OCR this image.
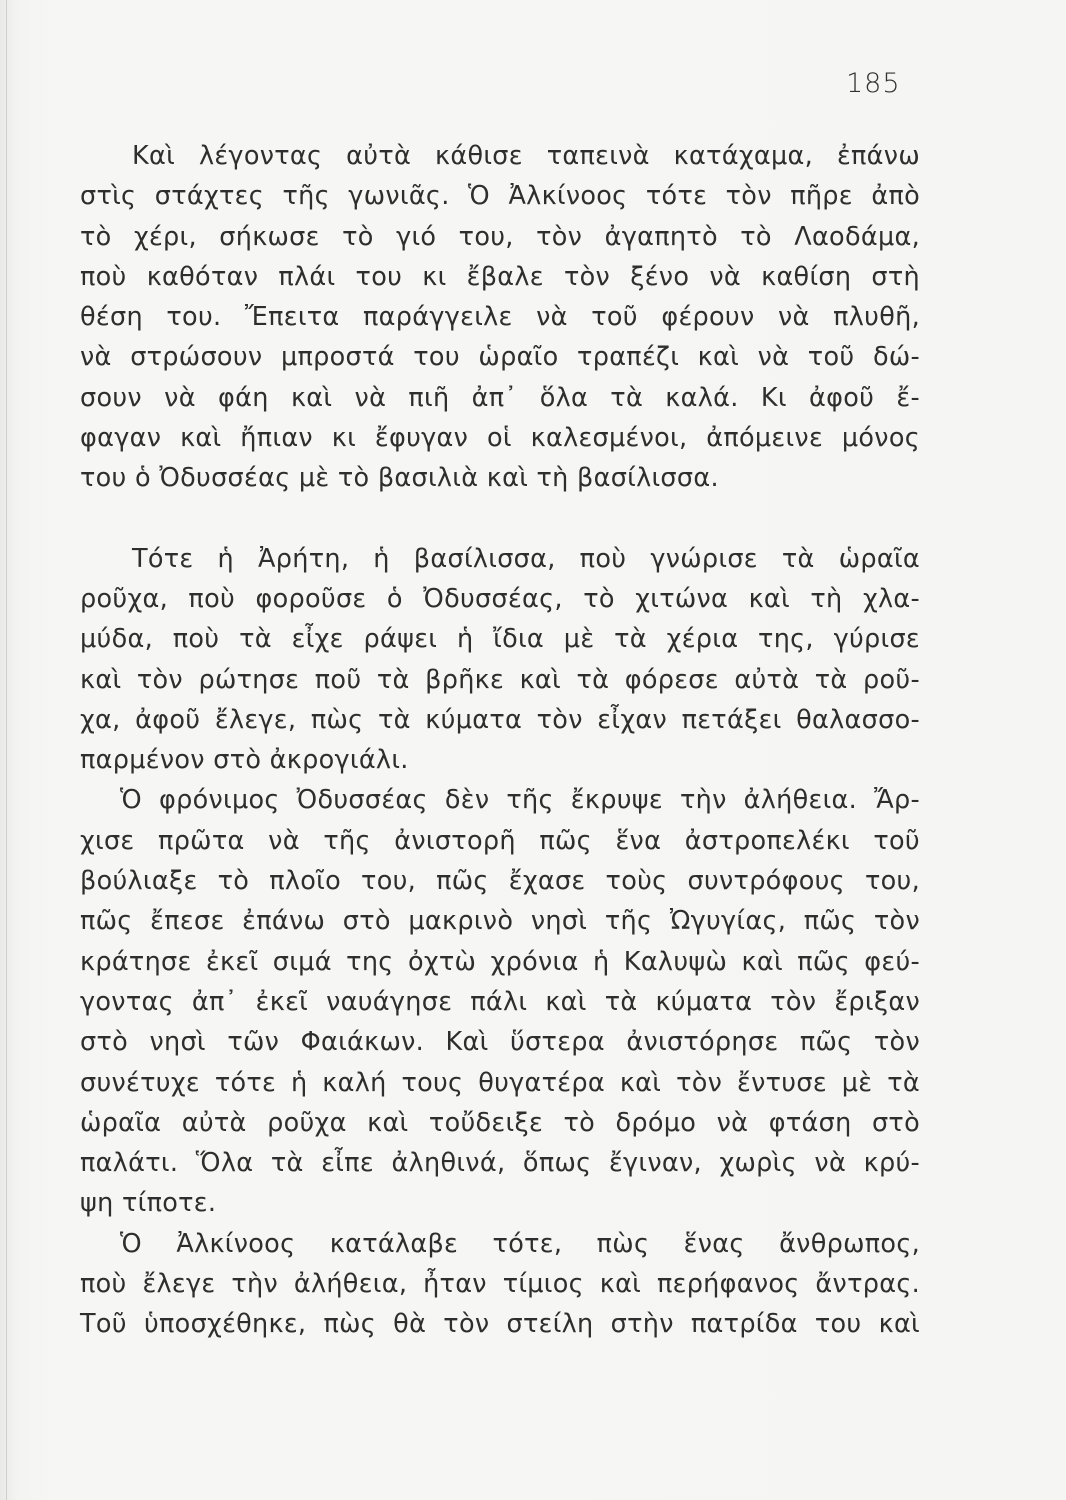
185
Καὶ λέγοντας αὐτὰ κάθισε ταπεινὰ κατάχαμα, ἐπάνω
στὶς στάχτες τῆς γωνιᾶς. Ὁ Ἀλκίνοος τότε τὸν πῆρε ἀπὸ
τὸ χέρι, σήκωσε τὸ γιό του, τὸν ἀγαπητὸ τὸ Λαοδάμα,
ποὺ καθόταν πλάι του κι ἔβαλε τὸν ξένο νὰ καθίση στὴ
θέση του. Ἔπειτα παράγγειλε νὰ τοῦ φέρουν νὰ πλυθῆ,
νὰ στρώσουν μπροστά του ὡραῖο τραπέζι καὶ νὰ τοῦ δώ-
σουν νὰ φάη καὶ νὰ πιῆ ἀπ᾿ ὅλα τὰ καλά. Κι ἀφοῦ ἔ-
φαγαν καὶ ἤπιαν κι ἔφυγαν οἱ καλεσμένοι, ἀπόμεινε μόνος
του ὁ Ὀδυσσέας μὲ τὸ βασιλιὰ καὶ τὴ βασίλισσα.
Τότε ἡ Ἀρήτη, ἡ βασίλισσα, ποὺ γνώρισε τὰ ὡραῖα
ροῦχα, ποὺ φοροῦσε ὁ Ὀδυσσέας, τὸ χιτώνα καὶ τὴ χλα-
μύδα, ποὺ τὰ εἶχε ράψει ἡ ἴδια μὲ τὰ χέρια της, γύρισε
καὶ τὸν ρώτησε ποῦ τὰ βρῆκε καὶ τὰ φόρεσε αὐτὰ τὰ ροῦ-
χα, ἀφοῦ ἔλεγε, πὼς τὰ κύματα τὸν εἶχαν πετάξει θαλασσο-
παρμένον στὸ ἀκρογιάλι.
Ὁ φρόνιμος Ὀδυσσέας δὲν τῆς ἔκρυψε τὴν ἀλήθεια. Ἄρ-
χισε πρῶτα νὰ τῆς ἀνιστορῆ πῶς ἕνα ἀστροπελέκι τοῦ
βούλιαξε τὸ πλοῖο του, πῶς ἔχασε τοὺς συντρόφους του,
πῶς ἔπεσε ἐπάνω στὸ μακρινὸ νησὶ τῆς Ὠγυγίας, πῶς τὸν
κράτησε ἐκεῖ σιμά της ὀχτὼ χρόνια ἡ Καλυψὼ καὶ πῶς φεύ-
γοντας ἀπ᾿ ἐκεῖ ναυάγησε πάλι καὶ τὰ κύματα τὸν ἔριξαν
στὸ νησὶ τῶν Φαιάκων. Καὶ ὕστερα ἀνιστόρησε πῶς τὸν
συνέτυχε τότε ἡ καλή τους θυγατέρα καὶ τὸν ἔντυσε μὲ τὰ
ὡραῖα αὐτὰ ροῦχα καὶ τοὔδειξε τὸ δρόμο νὰ φτάση στὸ
παλάτι. Ὅλα τὰ εἶπε ἀληθινά, ὅπως ἔγιναν, χωρὶς νὰ κρύ-
ψη τίποτε.
Ὁ Ἀλκίνοος κατάλαβε τότε, πὼς ἕνας ἄνθρωπος,
ποὺ ἔλεγε τὴν ἀλήθεια, ἦταν τίμιος καὶ περήφανος ἄντρας.
Τοῦ ὑποσχέθηκε, πὼς θὰ τὸν στείλη στὴν πατρίδα του καὶ
